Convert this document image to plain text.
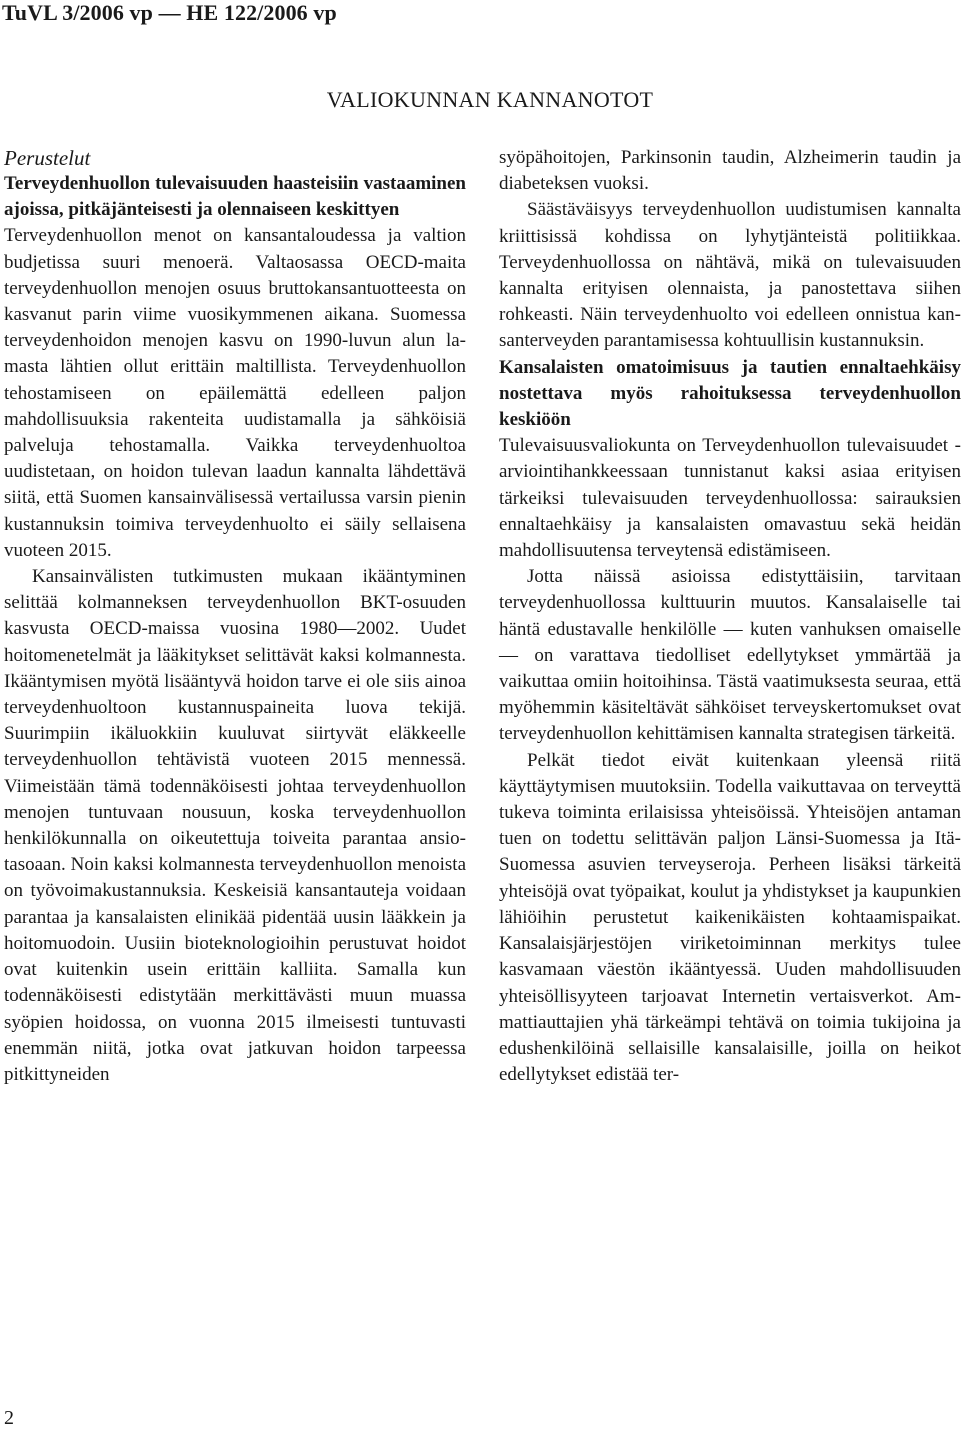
TuVL 3/2006 vp — HE 122/2006 vp
VALIOKUNNAN KANNANOTOT

Perustelut

Terveydenhuollon tulevaisuuden haasteisiin vastaaminen ajoissa, pitkäjänteisesti ja olennaiseen keskittyen

Terveydenhuollon menot on kansantaloudessa ja valtion budjetissa suuri menoerä. Valtaosassa OECD-maita terveydenhuollon menojen osuus bruttokansantuotteesta on kasvanut parin viime vuosikymmenen aikana. Suomessa terveydenhoidon menojen kasvu on 1990-luvun alun lamasta lähtien ollut erittäin maltillista. Terveydenhuollon tehostamiseen on epäilemättä edelleen paljon mahdollisuuksia rakenteita uudistamalla ja sähköisiä palveluja tehostamalla. Vaikka terveydenhuoltoa uudistetaan, on hoidon tulevan laadun kannalta lähdettävä siitä, että Suomen kansainvälisessä vertailussa varsin pienin kustannuksin toimiva terveydenhuolto ei säily sellaisena vuoteen 2015.

Kansainvälisten tutkimusten mukaan ikääntyminen selittää kolmanneksen terveydenhuollon BKT-osuuden kasvusta OECD-maissa vuosina 1980—2002. Uudet hoitomenetelmät ja lääkitykset selittävät kaksi kolmannesta. Ikääntymisen myötä lisääntyvä hoidon tarve ei ole siis ainoa terveydenhuoltoon kustannuspaineita luova tekijä. Suurimpiin ikäluokkiin kuuluvat siirtyvät eläkkeelle terveydenhuollon tehtävistä vuoteen 2015 mennessä. Viimeistään tämä todennäköisesti johtaa terveydenhuollon menojen tuntuvaan nousuun, koska terveydenhuollon henkilökunnalla on oikeutettuja toiveita parantaa ansiotasoaan. Noin kaksi kolmannesta terveydenhuollon menoista on työvoimakustannuksia. Keskeisiä kansantauteja voidaan parantaa ja kansalaisten elinikää pidentää uusin lääkkein ja hoitomuodoin. Uusiin bioteknologioihin perustuvat hoidot ovat kuitenkin usein erittäin kalliita. Samalla kun todennäköisesti edistytään merkittävästi muun muassa syöpien hoidossa, on vuonna 2015 ilmeisesti tuntuvasti enemmän niitä, jotka ovat jatkuvan hoidon tarpeessa pitkittyneiden

syöpähoitojen, Parkinsonin taudin, Alzheimerin taudin ja diabeteksen vuoksi.

Säästäväisyys terveydenhuollon uudistumisen kannalta kriittisissä kohdissa on lyhytjänteistä politiikkaa. Terveydenhuollossa on nähtävä, mikä on tulevaisuuden kannalta erityisen olennaista, ja panostettava siihen rohkeasti. Näin terveydenhuolto voi edelleen onnistua kansanterveyden parantamisessa kohtuullisin kustannuksin.

Kansalaisten omatoimisuus ja tautien ennaltaehkäisy nostettava myös rahoituksessa terveydenhuollon keskiöön

Tulevaisuusvaliokunta on Terveydenhuollon tulevaisuudet -arviointihankkeessaan tunnistanut kaksi asiaa erityisen tärkeiksi tulevaisuuden terveydenhuollossa: sairauksien ennaltaehkäisy ja kansalaisten omavastuu sekä heidän mahdollisuutensa terveytensä edistämiseen.

Jotta näissä asioissa edistyttäisiin, tarvitaan terveydenhuollossa kulttuurin muutos. Kansalaiselle tai häntä edustavalle henkilölle — kuten vanhuksen omaiselle — on varattava tiedolliset edellytykset ymmärtää ja vaikuttaa omiin hoitoihinsa. Tästä vaatimuksesta seuraa, että myöhemmin käsiteltävät sähköiset terveyskertomukset ovat terveydenhuollon kehittämisen kannalta strategisen tärkeitä.

Pelkät tiedot eivät kuitenkaan yleensä riitä käyttäytymisen muutoksiin. Todella vaikuttavaa on terveyttä tukeva toiminta erilaisissa yhteisöissä. Yhteisöjen antaman tuen on todettu selittävän paljon Länsi-Suomessa ja Itä-Suomessa asuvien terveyseroja. Perheen lisäksi tärkeitä yhteisöjä ovat työpaikat, koulut ja yhdistykset ja kaupunkien lähiöihin perustetut kaikenikäisten kohtaamispaikat. Kansalaisjärjestöjen viriketoiminnan merkitys tulee kasvamaan väestön ikääntyessä. Uuden mahdollisuuden yhteisöllisyyteen tarjoavat Internetin vertaisverkot. Ammattiauttajien yhä tärkeämpi tehtävä on toimia tukijoina ja edushenkilöinä sellaisille kansalaisille, joilla on heikot edellytykset edistää ter-

2
